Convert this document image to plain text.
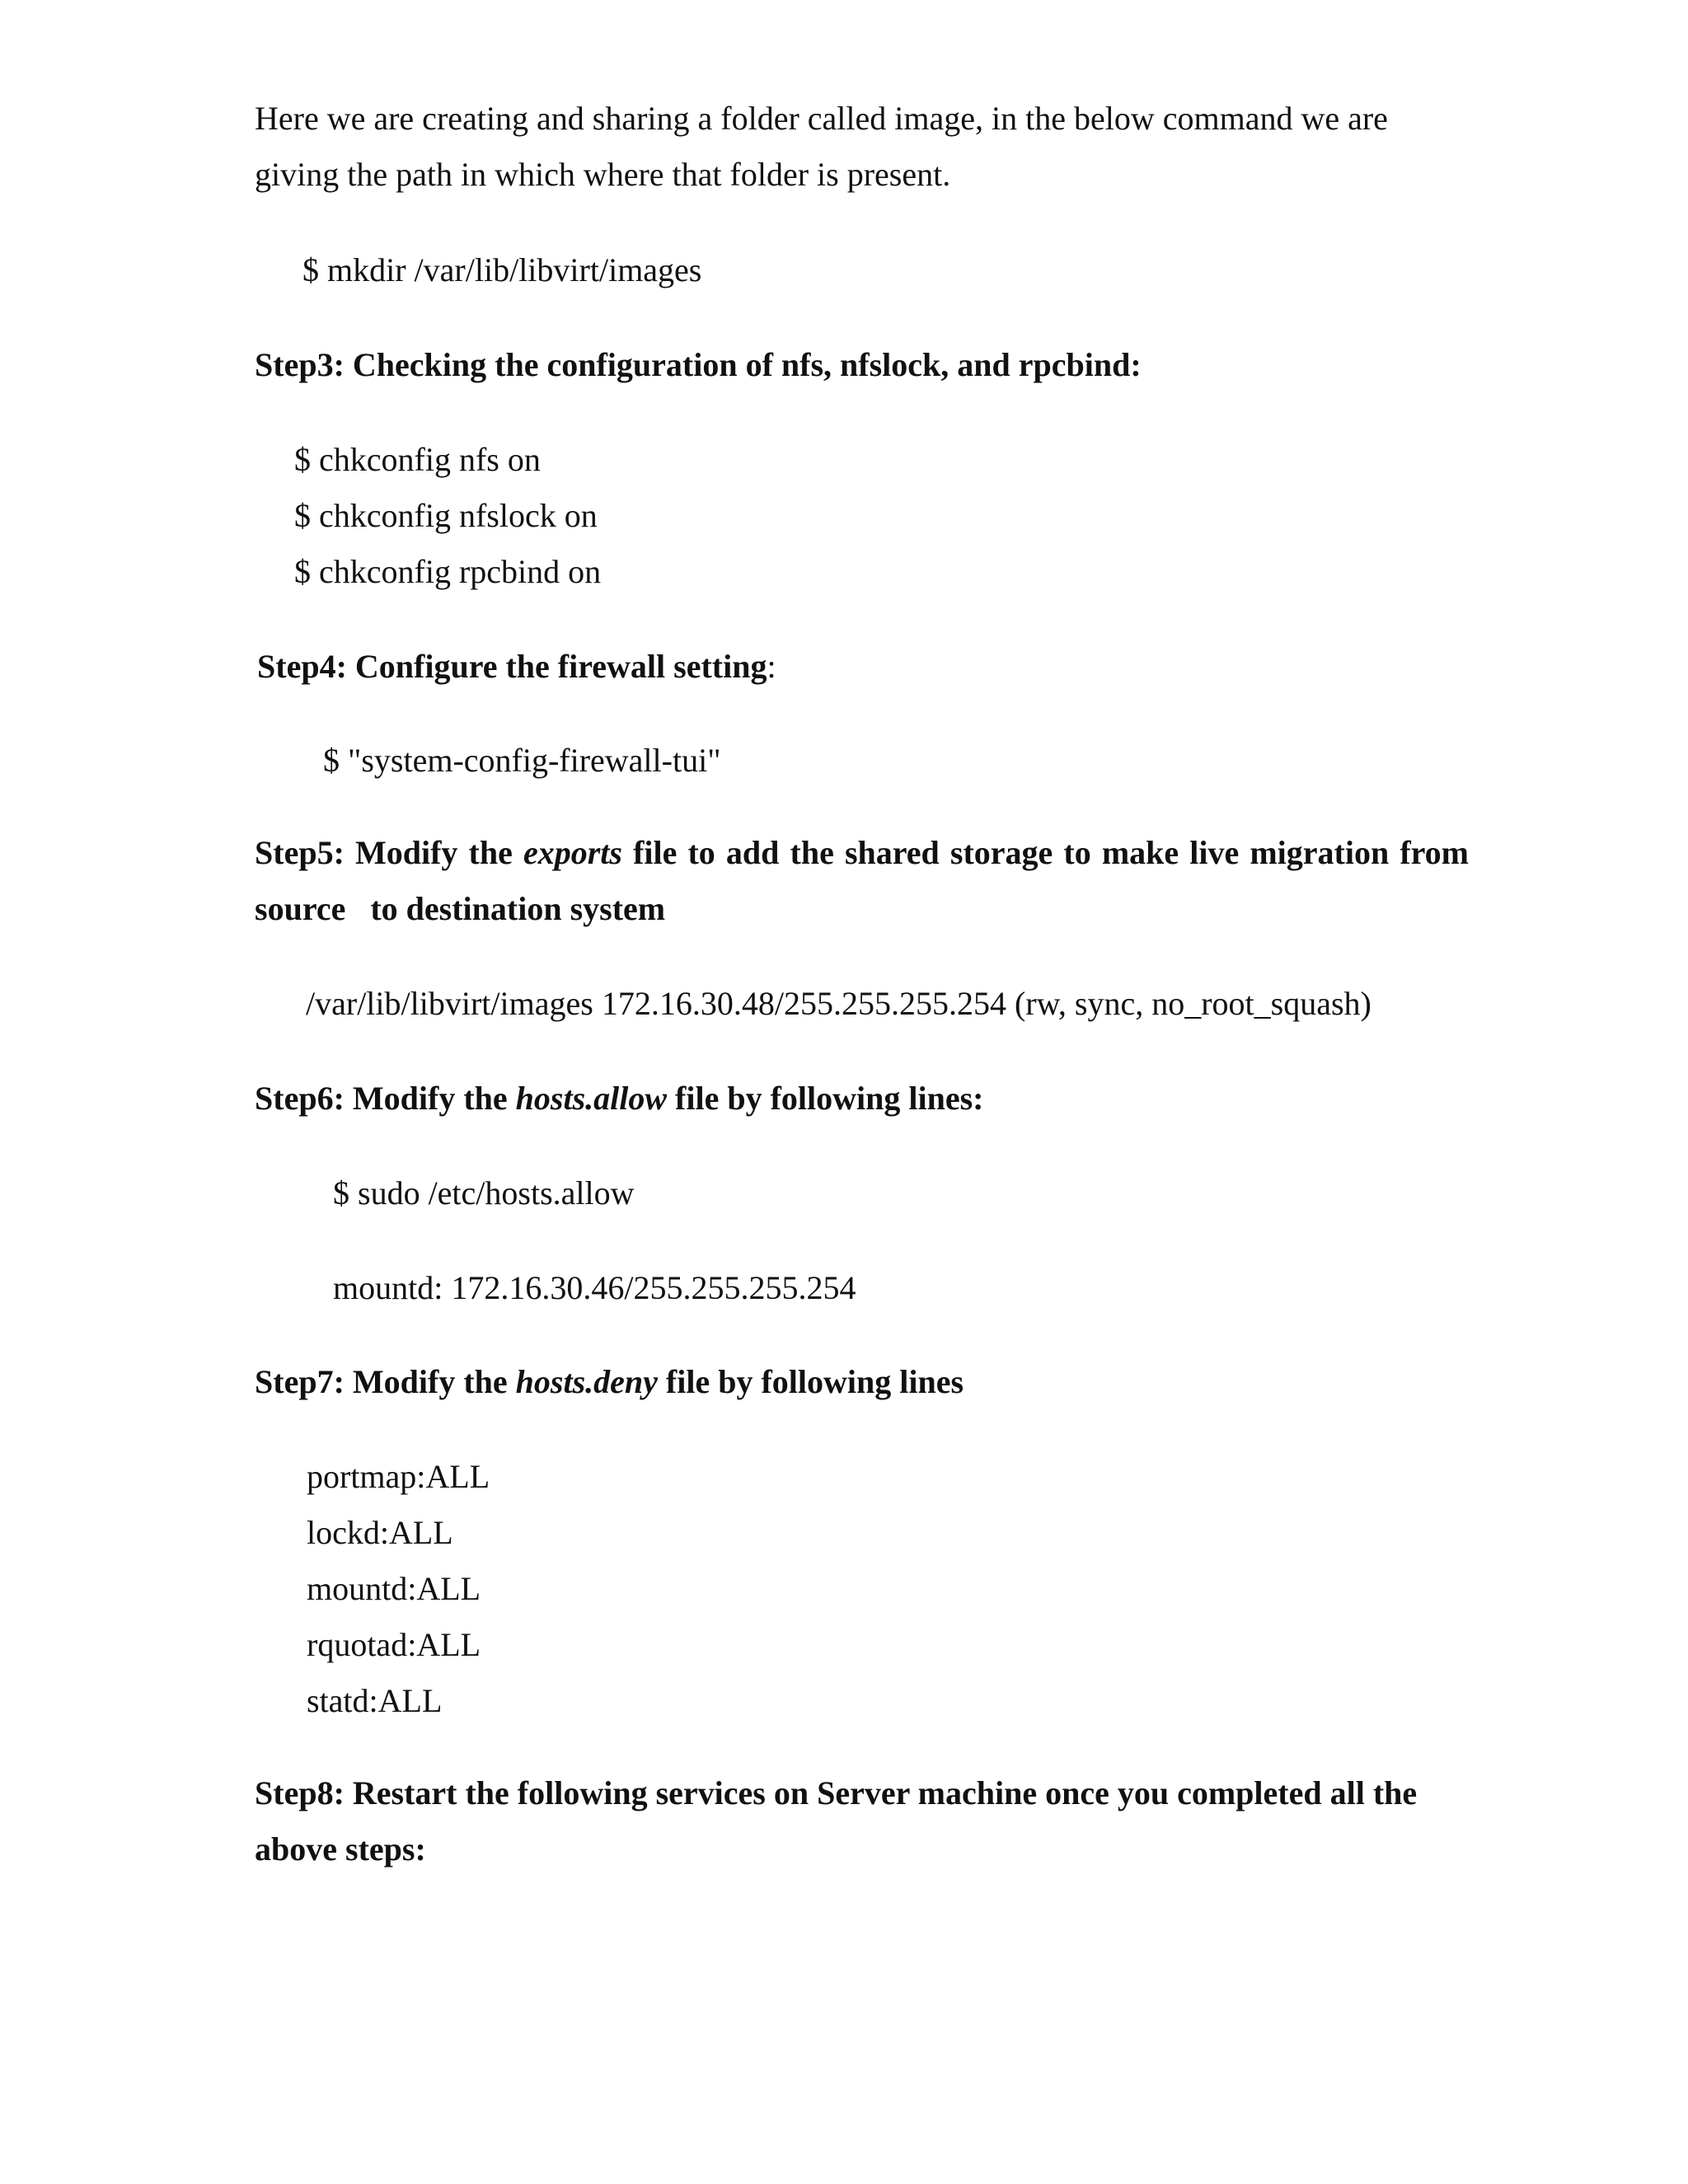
Here we are creating and sharing a folder called image, in the below command we are giving the path in which where that folder is present.
$ mkdir /var/lib/libvirt/images
Step3: Checking the configuration of nfs, nfslock, and rpcbind:
$ chkconfig nfs on
$ chkconfig nfslock on
$ chkconfig rpcbind on
Step4: Configure the firewall setting:
$ "system-config-firewall-tui"
Step5: Modify the exports file to add the shared storage to make live migration from source   to destination system
/var/lib/libvirt/images 172.16.30.48/255.255.255.254 (rw, sync, no_root_squash)
Step6: Modify the hosts.allow file by following lines:
$ sudo /etc/hosts.allow
mountd: 172.16.30.46/255.255.255.254
Step7: Modify the hosts.deny file by following lines
portmap:ALL
lockd:ALL
mountd:ALL
rquotad:ALL
statd:ALL
Step8: Restart the following services on Server machine once you completed all the above steps:
